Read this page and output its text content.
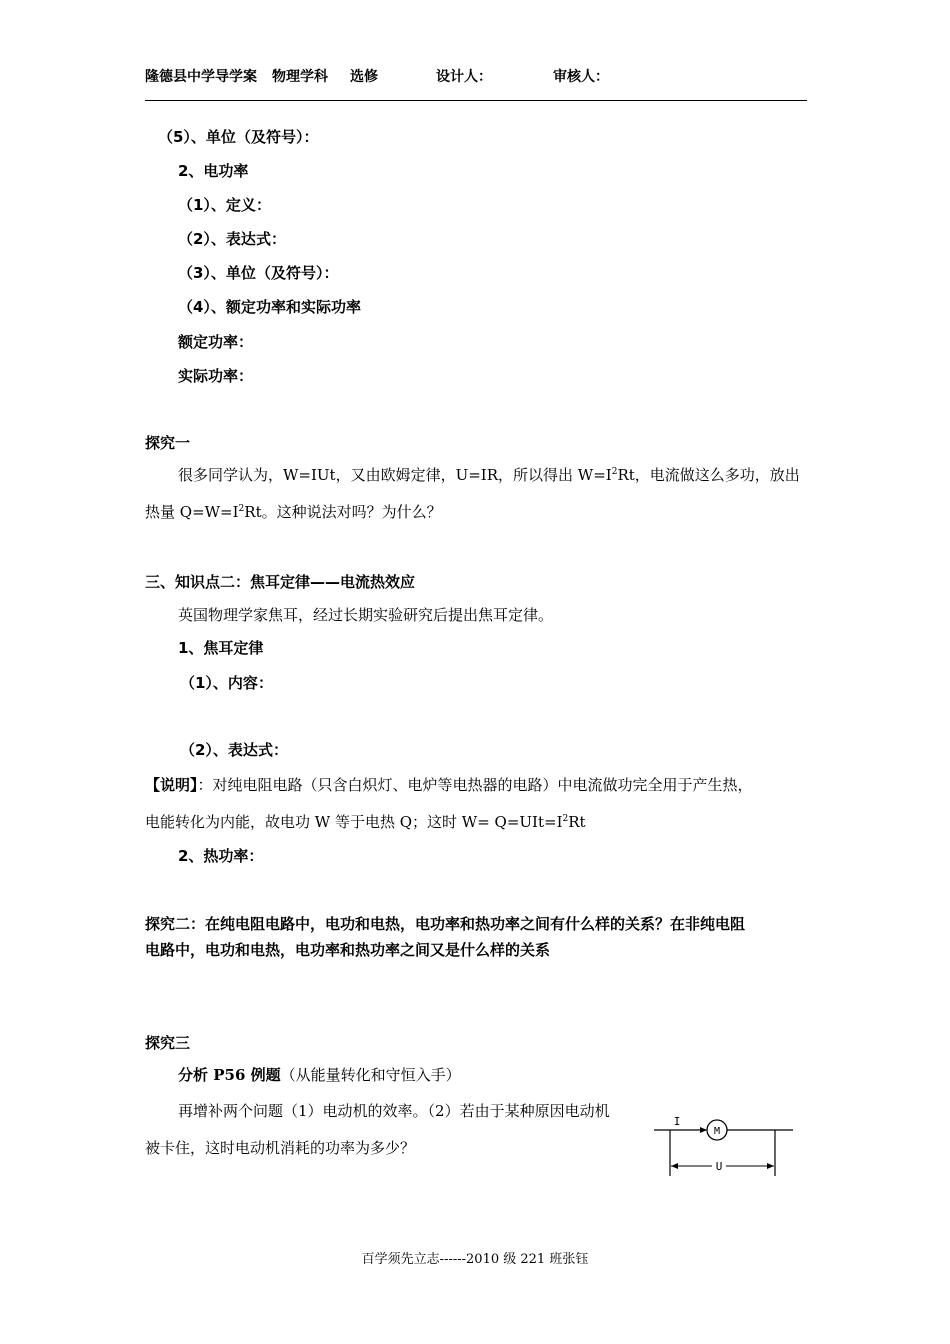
隆德县中学导学案 物理学科 选修	设计人：	审核人：
（5）、单位（及符号）：
2、电功率
（1）、定义：
（2）、表达式：
（3）、单位（及符号）：
（4）、额定功率和实际功率
额定功率：
实际功率：
探究一
很多同学认为，W=IUt，又由欧姆定律，U=IR，所以得出 $W=I^2Rt$，电流做这么多功，放出
热量 $Q=W=I^2Rt$。这种说法对吗？为什么？
三、知识点二：焦耳定律——电流热效应
英国物理学家焦耳，经过长期实验研究后提出焦耳定律。
1、焦耳定律
（1）、内容：
（2）、表达式：
【说明】：对纯电阻电路（只含白炽灯、电炉等电热器的电路）中电流做功完全用于产生热，
电能转化为内能，故电功 W 等于电热 Q；这时 $W= Q=UIt=I^2Rt$
2、热功率：
探究二：在纯电阻电路中，电功和电热，电功率和热功率之间有什么样的关系？在非纯电阻
电路中，电功和电热，电功率和热功率之间又是什么样的关系
探究三
分析 P56 例题（从能量转化和守恒入手）
再增补两个问题（1）电动机的效率。（2）若由于某种原因电动机
被卡住，这时电动机消耗的功率为多少？
I
M
U
百学须先立志------2010 级 221 班张钰
